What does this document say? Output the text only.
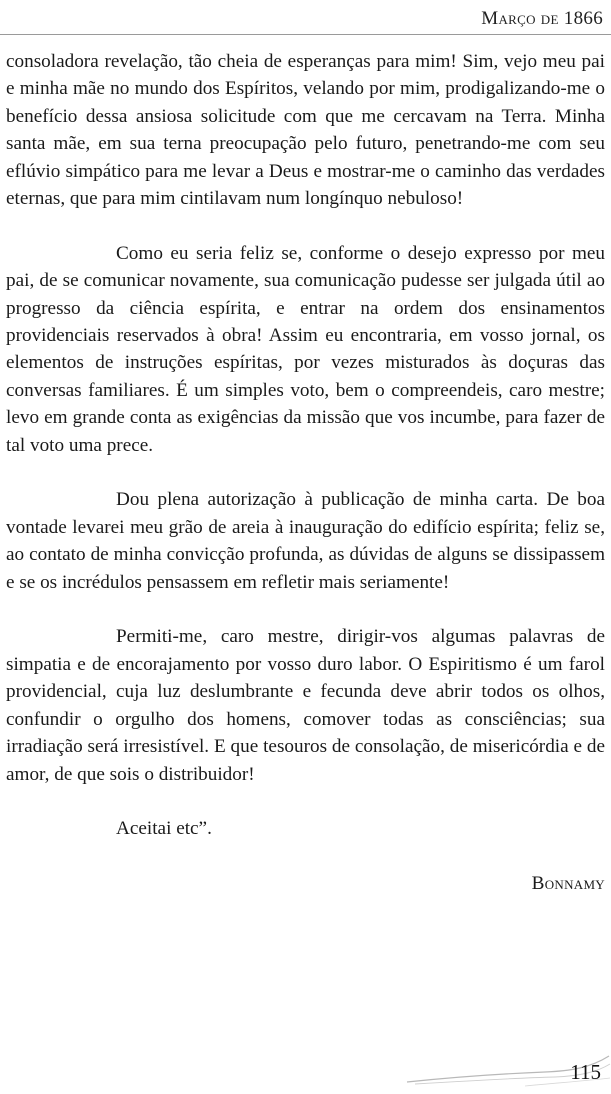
Março de 1866

consoladora revelação, tão cheia de esperanças para mim! Sim, vejo meu pai e minha mãe no mundo dos Espíritos, velando por mim, prodigalizando-me o benefício dessa ansiosa solicitude com que me cercavam na Terra. Minha santa mãe, em sua terna preocupação pelo futuro, penetrando-me com seu eflúvio simpático para me levar a Deus e mostrar-me o caminho das verdades eternas, que para mim cintilavam num longínquo nebuloso!

Como eu seria feliz se, conforme o desejo expresso por meu pai, de se comunicar novamente, sua comunicação pudesse ser julgada útil ao progresso da ciência espírita, e entrar na ordem dos ensinamentos providenciais reservados à obra! Assim eu encontraria, em vosso jornal, os elementos de instruções espíritas, por vezes misturados às doçuras das conversas familiares. É um simples voto, bem o compreendeis, caro mestre; levo em grande conta as exigências da missão que vos incumbe, para fazer de tal voto uma prece.

Dou plena autorização à publicação de minha carta. De boa vontade levarei meu grão de areia à inauguração do edifício espírita; feliz se, ao contato de minha convicção profunda, as dúvidas de alguns se dissipassem e se os incrédulos pensassem em refletir mais seriamente!

Permiti-me, caro mestre, dirigir-vos algumas palavras de simpatia e de encorajamento por vosso duro labor. O Espiritismo é um farol providencial, cuja luz deslumbrante e fecunda deve abrir todos os olhos, confundir o orgulho dos homens, comover todas as consciências; sua irradiação será irresistível. E que tesouros de consolação, de misericórdia e de amor, de que sois o distribuidor!

Aceitai etc”.

Bonnamy

115
